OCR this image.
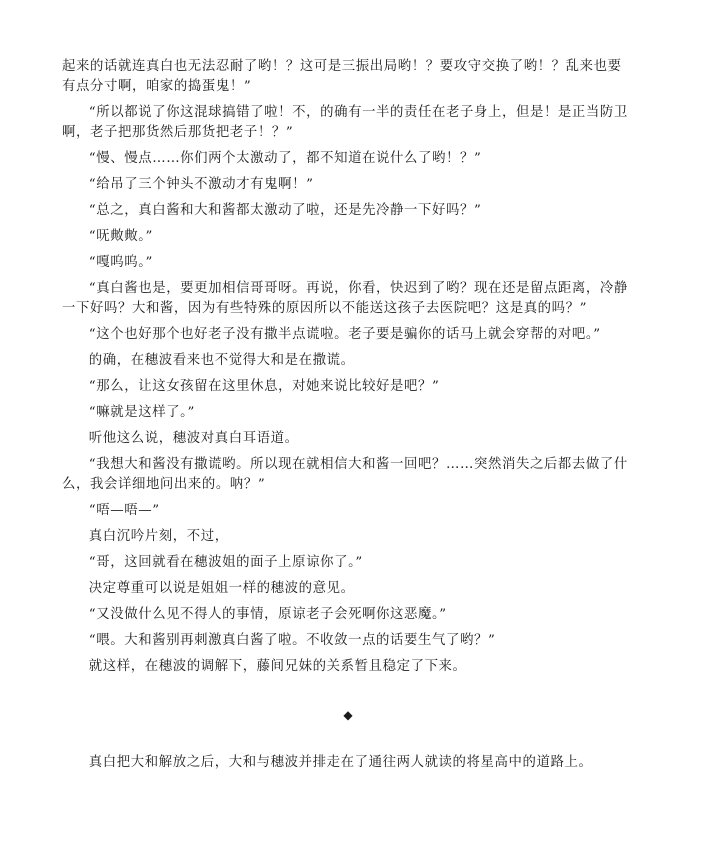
起来的话就连真白也无法忍耐了哟！？这可是三振出局哟！？要攻守交换了哟！？乱来也要有点分寸啊，咱家的捣蛋鬼！”

“所以都说了你这混球搞错了啦！不，的确有一半的责任在老子身上，但是！是正当防卫啊，老子把那货然后那货把老子！？”

“慢、慢点……你们两个太激动了，都不知道在说什么了哟！？”

“给吊了三个钟头不激动才有鬼啊！”

“总之，真白酱和大和酱都太激动了啦，还是先冷静一下好吗？”

“呒敟敟。”

“嘎呜呜。”

“真白酱也是，要更加相信哥哥呀。再说，你看，快迟到了哟？现在还是留点距离，冷静一下好吗？大和酱，因为有些特殊的原因所以不能送这孩子去医院吧？这是真的吗？”

“这个也好那个也好老子没有撒半点谎啦。老子要是骗你的话马上就会穿帮的对吧。”

的确，在穗波看来也不觉得大和是在撒谎。

“那么，让这女孩留在这里休息，对她来说比较好是吧？”

“嘛就是这样了。”

听他这么说，穗波对真白耳语道。

“我想大和酱没有撒谎哟。所以现在就相信大和酱一回吧？……突然消失之后都去做了什么，我会详细地问出来的。呐？”

“唔—唔—”

真白沉吟片刻，不过，

“哥，这回就看在穗波姐的面子上原谅你了。”

决定尊重可以说是姐姐一样的穗波的意见。

“又没做什么见不得人的事情，原谅老子会死啊你这恶魔。”

“喂。大和酱别再刺激真白酱了啦。不收敛一点的话要生气了哟？”

就这样，在穗波的调解下，藤间兄妹的关系暂且稳定了下来。

◆

真白把大和解放之后，大和与穗波并排走在了通往两人就读的将星高中的道路上。
